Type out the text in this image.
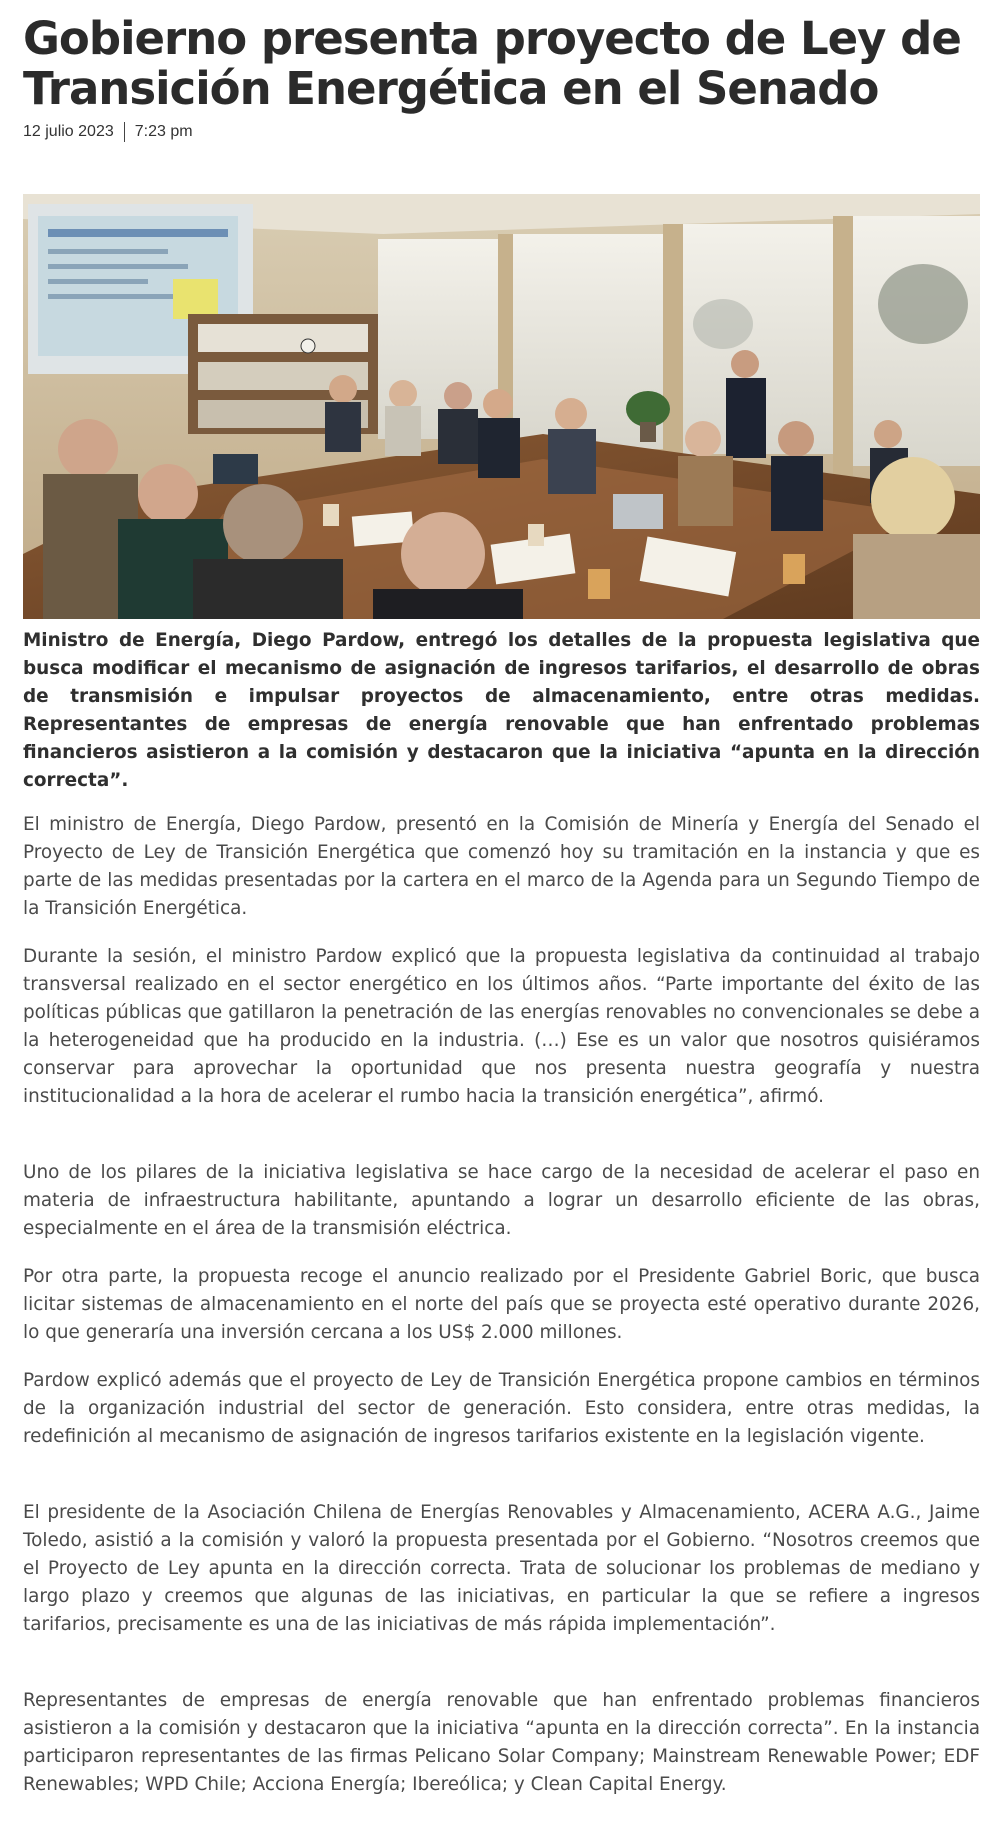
Gobierno presenta proyecto de Ley de Transición Energética en el Senado
12 julio 2023 7:23 pm

Ministro de Energía, Diego Pardow, entregó los detalles de la propuesta legislativa que busca modificar el mecanismo de asignación de ingresos tarifarios, el desarrollo de obras de transmisión e impulsar proyectos de almacenamiento, entre otras medidas. Representantes de empresas de energía renovable que han enfrentado problemas financieros asistieron a la comisión y destacaron que la iniciativa “apunta en la dirección correcta”.

El ministro de Energía, Diego Pardow, presentó en la Comisión de Minería y Energía del Senado el Proyecto de Ley de Transición Energética que comenzó hoy su tramitación en la instancia y que es parte de las medidas presentadas por la cartera en el marco de la Agenda para un Segundo Tiempo de la Transición Energética.

Durante la sesión, el ministro Pardow explicó que la propuesta legislativa da continuidad al trabajo transversal realizado en el sector energético en los últimos años. “Parte importante del éxito de las políticas públicas que gatillaron la penetración de las energías renovables no convencionales se debe a la heterogeneidad que ha producido en la industria. (…) Ese es un valor que nosotros quisiéramos conservar para aprovechar la oportunidad que nos presenta nuestra geografía y nuestra institucionalidad a la hora de acelerar el rumbo hacia la transición energética”, afirmó.

Uno de los pilares de la iniciativa legislativa se hace cargo de la necesidad de acelerar el paso en materia de infraestructura habilitante, apuntando a lograr un desarrollo eficiente de las obras, especialmente en el área de la transmisión eléctrica.

Por otra parte, la propuesta recoge el anuncio realizado por el Presidente Gabriel Boric, que busca licitar sistemas de almacenamiento en el norte del país que se proyecta esté operativo durante 2026, lo que generaría una inversión cercana a los US$ 2.000 millones.

Pardow explicó además que el proyecto de Ley de Transición Energética propone cambios en términos de la organización industrial del sector de generación. Esto considera, entre otras medidas, la redefinición al mecanismo de asignación de ingresos tarifarios existente en la legislación vigente.

El presidente de la Asociación Chilena de Energías Renovables y Almacenamiento, ACERA A.G., Jaime Toledo, asistió a la comisión y valoró la propuesta presentada por el Gobierno. “Nosotros creemos que el Proyecto de Ley apunta en la dirección correcta. Trata de solucionar los problemas de mediano y largo plazo y creemos que algunas de las iniciativas, en particular la que se refiere a ingresos tarifarios, precisamente es una de las iniciativas de más rápida implementación”.

Representantes de empresas de energía renovable que han enfrentado problemas financieros asistieron a la comisión y destacaron que la iniciativa “apunta en la dirección correcta”. En la instancia participaron representantes de las firmas Pelicano Solar Company; Mainstream Renewable Power; EDF Renewables; WPD Chile; Acciona Energía; Ibereólica; y Clean Capital Energy.
